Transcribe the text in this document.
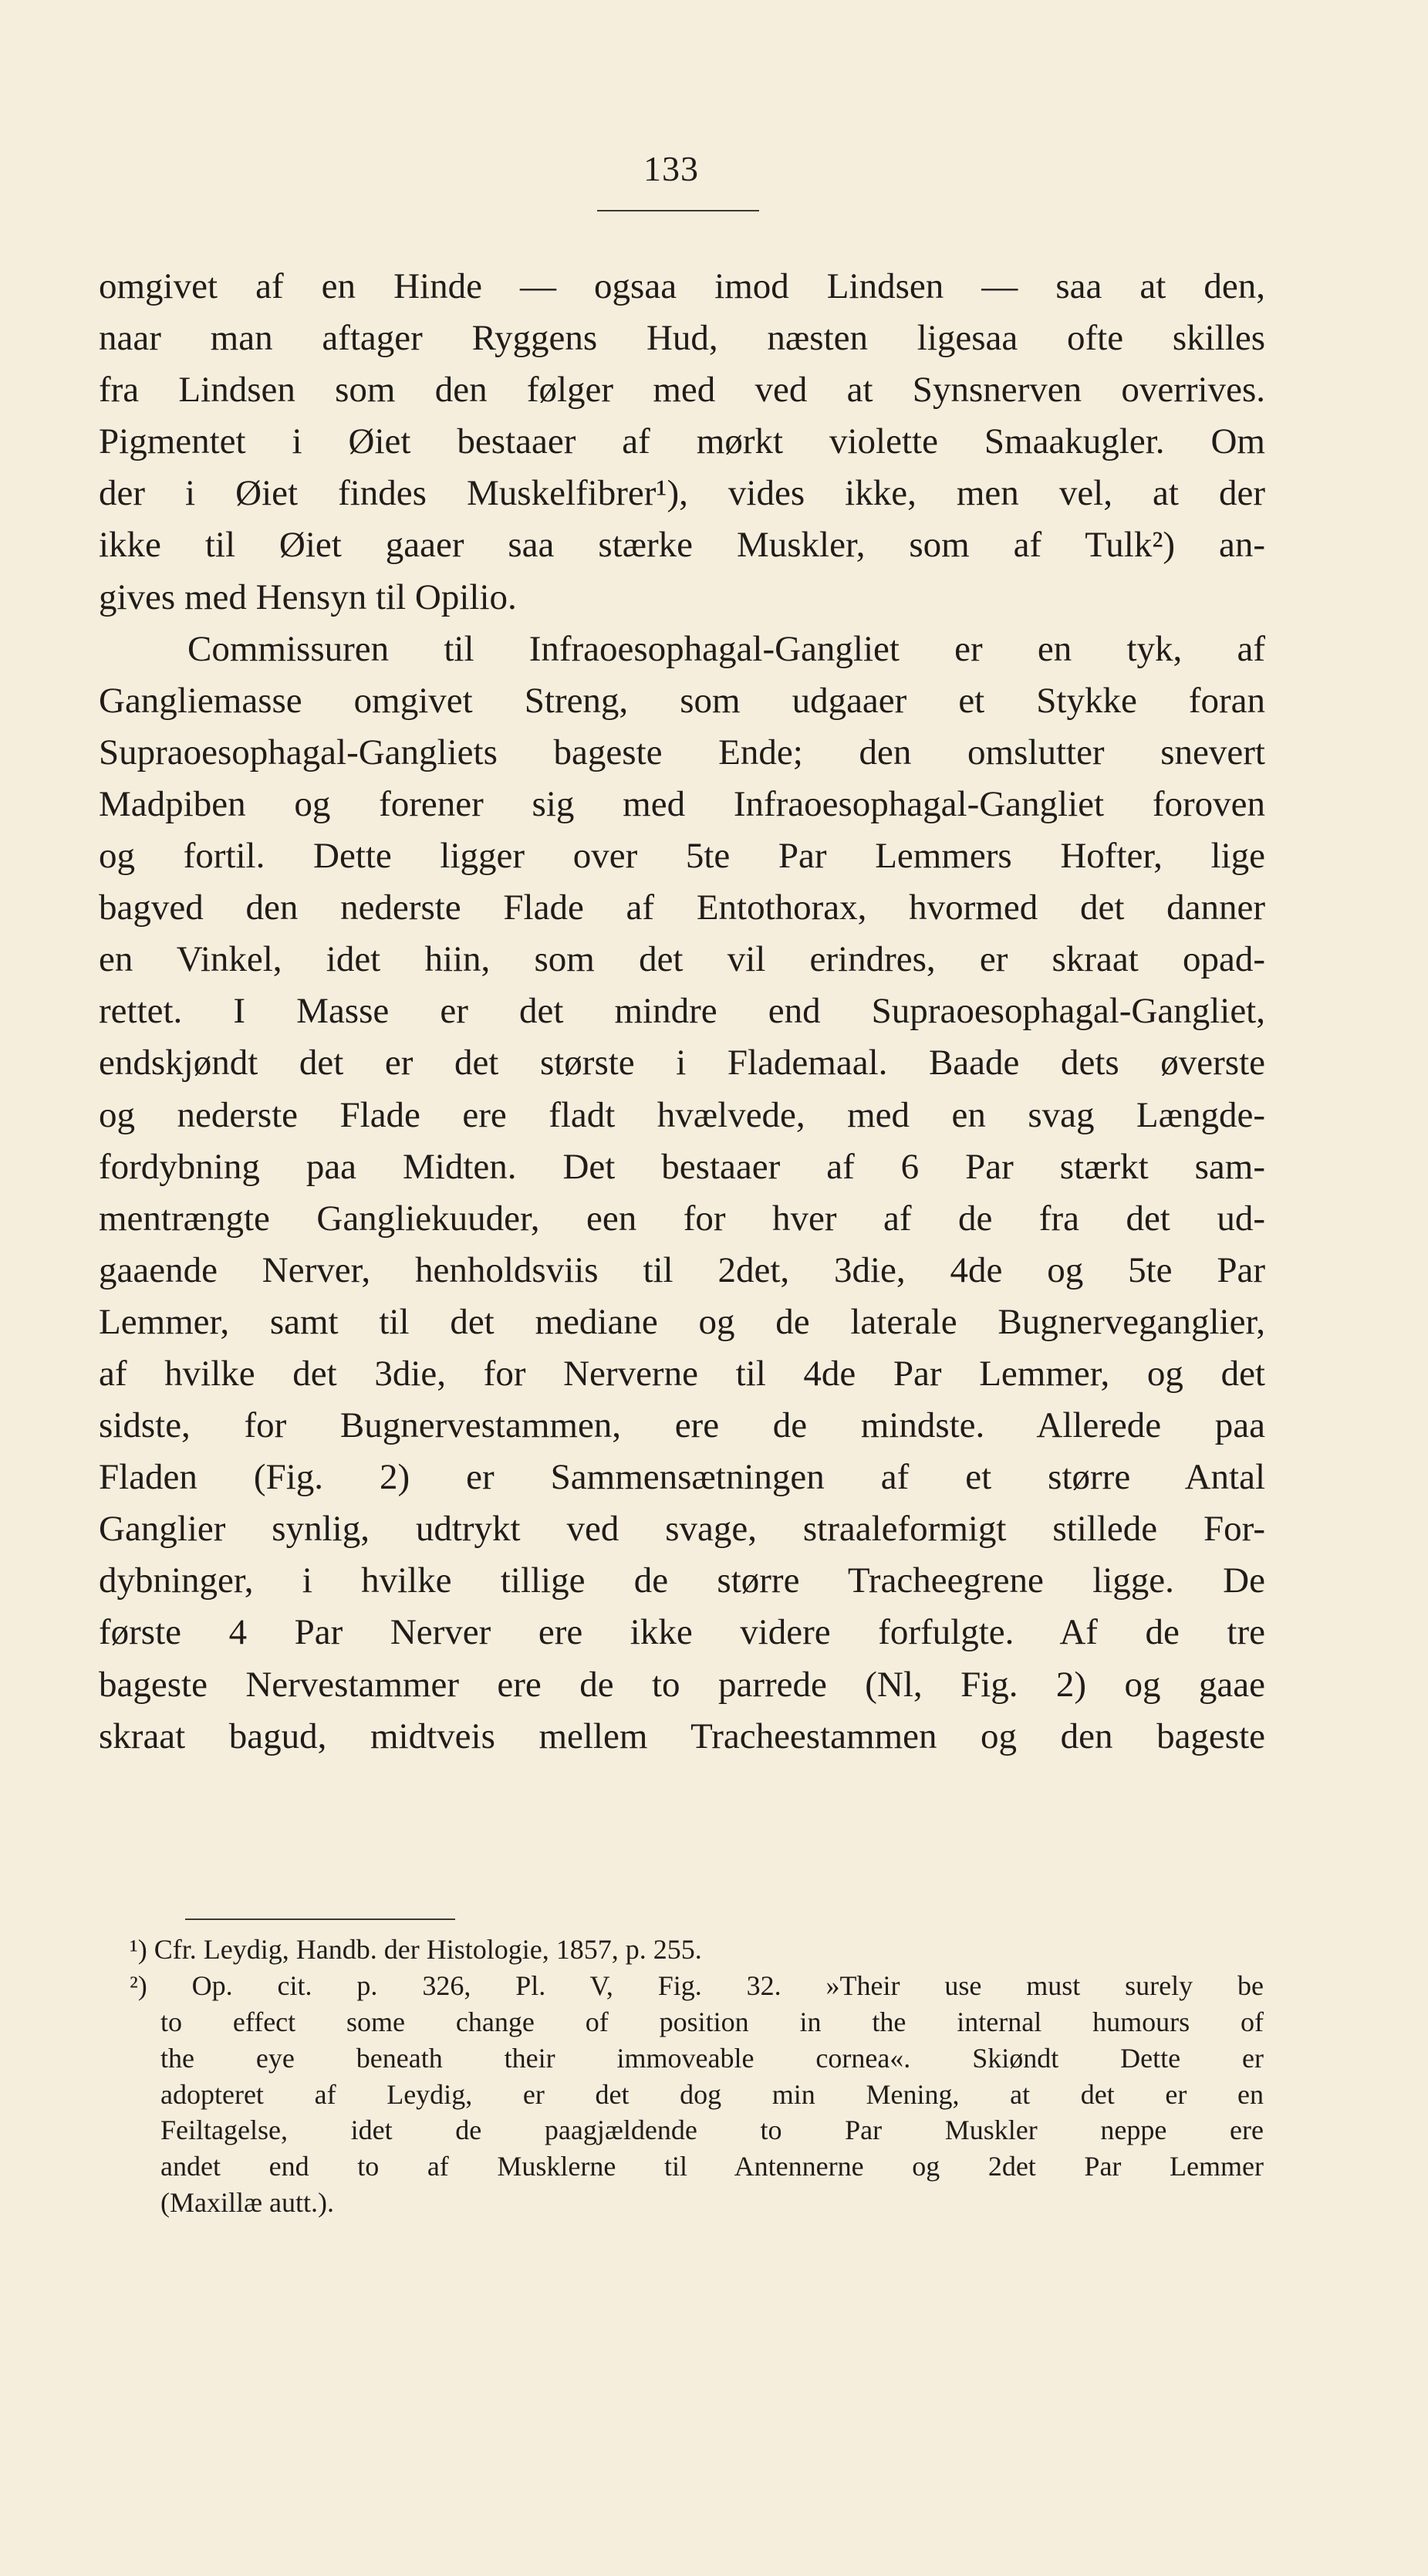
133
omgivet af en Hinde — ogsaa imod Lindsen — saa at den,
naar man aftager Ryggens Hud, næsten ligesaa ofte skilles
fra Lindsen som den følger med ved at Synsnerven overrives.
Pigmentet i Øiet bestaaer af mørkt violette Smaakugler. Om
der i Øiet findes Muskelfibrer¹), vides ikke, men vel, at der
ikke til Øiet gaaer saa stærke Muskler, som af Tulk²) an-
gives med Hensyn til Opilio.
Commissuren til Infraoesophagal-Gangliet er en tyk, af
Gangliemasse omgivet Streng, som udgaaer et Stykke foran
Supraoesophagal-Gangliets bageste Ende; den omslutter snevert
Madpiben og forener sig med Infraoesophagal-Gangliet foroven
og fortil. Dette ligger over 5te Par Lemmers Hofter, lige
bagved den nederste Flade af Entothorax, hvormed det danner
en Vinkel, idet hiin, som det vil erindres, er skraat opad-
rettet. I Masse er det mindre end Supraoesophagal-Gangliet,
endskjøndt det er det største i Flademaal. Baade dets øverste
og nederste Flade ere fladt hvælvede, med en svag Længde-
fordybning paa Midten. Det bestaaer af 6 Par stærkt sam-
mentrængte Gangliekuuder, een for hver af de fra det ud-
gaaende Nerver, henholdsviis til 2det, 3die, 4de og 5te Par
Lemmer, samt til det mediane og de laterale Bugnerveganglier,
af hvilke det 3die, for Nerverne til 4de Par Lemmer, og det
sidste, for Bugnervestammen, ere de mindste. Allerede paa
Fladen (Fig. 2) er Sammensætningen af et større Antal
Ganglier synlig, udtrykt ved svage, straaleformigt stillede For-
dybninger, i hvilke tillige de større Tracheegrene ligge. De
første 4 Par Nerver ere ikke videre forfulgte. Af de tre
bageste Nervestammer ere de to parrede (Nl, Fig. 2) og gaae
skraat bagud, midtveis mellem Tracheestammen og den bageste
¹) Cfr. Leydig, Handb. der Histologie, 1857, p. 255.
²) Op. cit. p. 326, Pl. V, Fig. 32. »Their use must surely be
to effect some change of position in the internal humours of
the eye beneath their immoveable cornea«. Skiøndt Dette er
adopteret af Leydig, er det dog min Mening, at det er en
Feiltagelse, idet de paagjældende to Par Muskler neppe ere
andet end to af Musklerne til Antennerne og 2det Par Lemmer
(Maxillæ autt.).
